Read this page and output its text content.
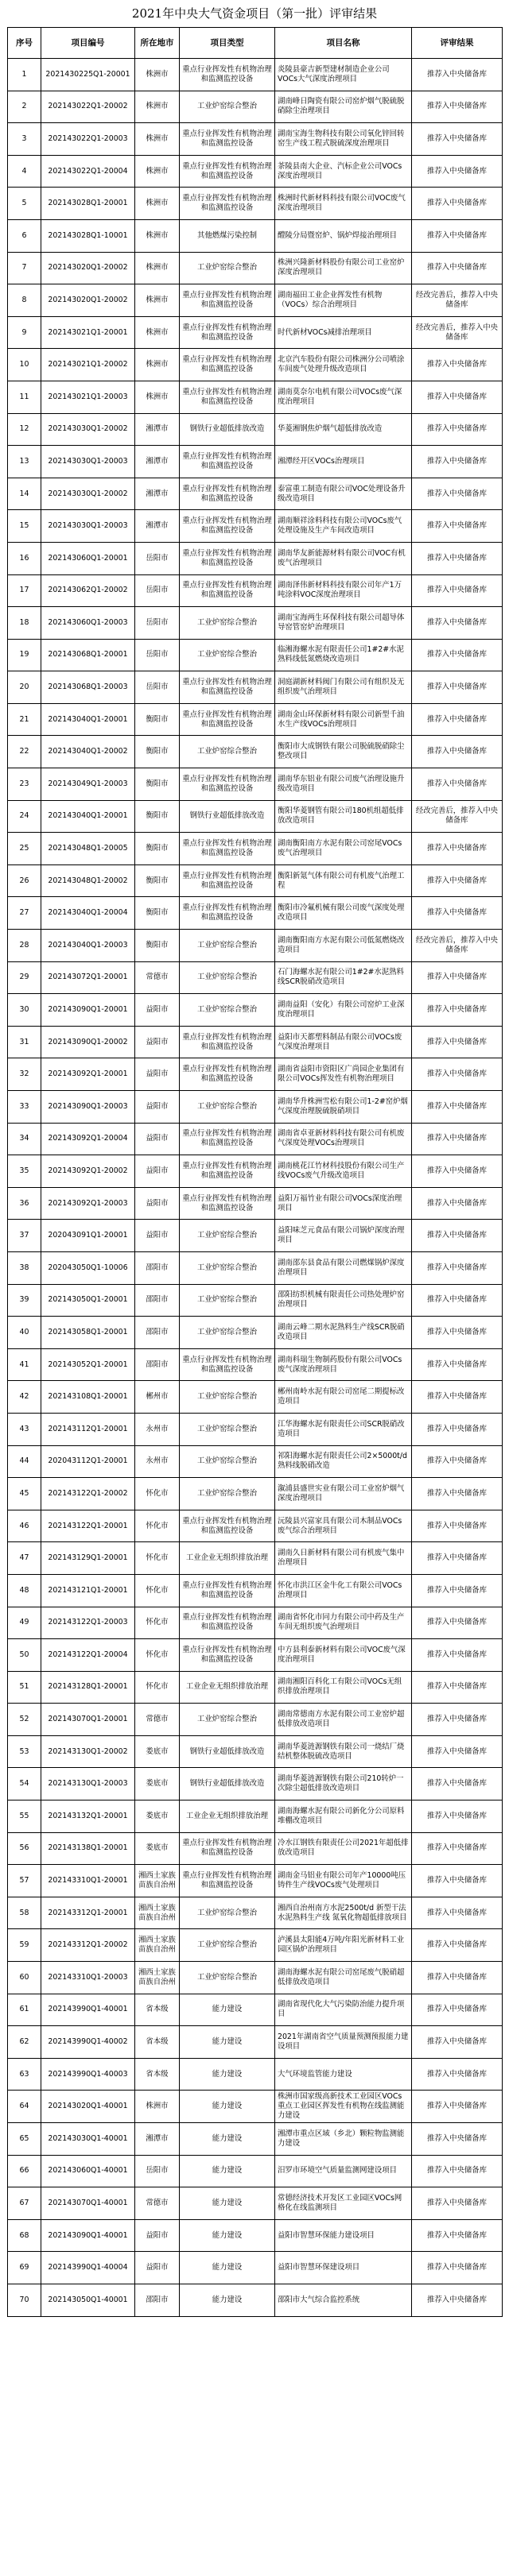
2021年中央大气资金项目（第一批）评审结果
序号	项目编号	所在地市	项目类型	项目名称	评审结果
1	2021430225Q1-20001	株洲市	重点行业挥发性有机物治理和监测监控设备	炎陵县豪吉新型建材制造企业公司VOCs大气深度治理项目	推荐入中央储备库
2	202143022Q1-20002	株洲市	工业炉窑综合整治	湖南峰日陶瓷有限公司窑炉烟气脱硫脱硝除尘治理项目	推荐入中央储备库
3	202143022Q1-20003	株洲市	重点行业挥发性有机物治理和监测监控设备	湖南宝海生物科技有限公司氧化锌回转窑生产线工程式脱硫深度治理项目	推荐入中央储备库
4	202143022Q1-20004	株洲市	重点行业挥发性有机物治理和监测监控设备	茶陵县南大企业、汽标企业公司VOCs深度治理项目	推荐入中央储备库
5	202143028Q1-20001	株洲市	重点行业挥发性有机物治理和监测监控设备	株洲时代新材料科技有限公司VOC废气深度治理项目	推荐入中央储备库
6	202143028Q1-10001	株洲市	其他燃煤污染控制	醴陵分局暨窑炉、锅炉焊接治理项目	推荐入中央储备库
7	202143020Q1-20002	株洲市	工业炉窑综合整治	株洲兴隆新材料股份有限公司工业窑炉深度治理项目	推荐入中央储备库
8	202143020Q1-20002	株洲市	重点行业挥发性有机物治理和监测监控设备	湖南福田工业企业挥发性有机物（VOCs）综合治理项目	经改完善后，推荐入中央储备库
9	202143021Q1-20001	株洲市	重点行业挥发性有机物治理和监测监控设备	时代新材VOCs减排治理项目	经改完善后，推荐入中央储备库
10	202143021Q1-20002	株洲市	重点行业挥发性有机物治理和监测监控设备	北京汽车股份有限公司株洲分公司喷涂车间废气处理升级改造项目	推荐入中央储备库
11	202143021Q1-20003	株洲市	重点行业挥发性有机物治理和监测监控设备	湖南莫奈尔电机有限公司VOCs废气深度治理项目	推荐入中央储备库
12	202143030Q1-20002	湘潭市	钢铁行业超低排放改造	华菱湘钢焦炉烟气超低排放改造	推荐入中央储备库
13	202143030Q1-20003	湘潭市	重点行业挥发性有机物治理和监测监控设备	湘潭经开区VOCs治理项目	推荐入中央储备库
14	202143030Q1-20002	湘潭市	重点行业挥发性有机物治理和监测监控设备	泰富重工制造有限公司VOC处理设备升级改造项目	推荐入中央储备库
15	202143030Q1-20003	湘潭市	重点行业挥发性有机物治理和监测监控设备	湖南顺祥涂料科技有限公司VOCs废气处理设施及生产车间改造项目	推荐入中央储备库
16	202143060Q1-20001	岳阳市	重点行业挥发性有机物治理和监测监控设备	湖南华友新能源材料有限公司VOC有机废气治理项目	推荐入中央储备库
17	202143062Q1-20002	岳阳市	重点行业挥发性有机物治理和监测监控设备	湖南泽伟新材料科技有限公司年产1万吨涂料VOC深度治理项目	推荐入中央储备库
18	202143060Q1-20003	岳阳市	工业炉窑综合整治	湖南宝海两生环保科技有限公司超导体导窑管窑炉治理项目	推荐入中央储备库
19	202143068Q1-20001	岳阳市	工业炉窑综合整治	临湘海螺水泥有限责任公司1#2#水泥熟料线低氮燃烧改造项目	推荐入中央储备库
20	202143068Q1-20003	岳阳市	重点行业挥发性有机物治理和监测监控设备	洞庭湖新材料阀门有限公司有组织及无组织废气治理项目	推荐入中央储备库
21	202143040Q1-20001	衡阳市	重点行业挥发性有机物治理和监测监控设备	湖南金山环保新材料有限公司新型千油水生产线VOCs治理项目	推荐入中央储备库
22	202143040Q1-20002	衡阳市	工业炉窑综合整治	衡阳市大成钢铁有限公司脱硫脱硝除尘整改项目	推荐入中央储备库
23	202143049Q1-20003	衡阳市	重点行业挥发性有机物治理和监测监控设备	湖南华东铝业有限公司废气治理设施升级改造项目	推荐入中央储备库
24	202143040Q1-20001	衡阳市	钢铁行业超低排放改造	衡阳华菱钢管有限公司180机组超低排放改造项目	经改完善后，推荐入中央储备库
25	202143048Q1-20005	衡阳市	重点行业挥发性有机物治理和监测监控设备	湖南衡阳南方水泥有限公司窑尾VOCs废气治理项目	推荐入中央储备库
26	202143048Q1-20002	衡阳市	重点行业挥发性有机物治理和监测监控设备	衡阳新氪气体有限公司有机废气治理工程	推荐入中央储备库
27	202143040Q1-20004	衡阳市	重点行业挥发性有机物治理和监测监控设备	衡阳市冷氟机械有限公司废气深度处理改造项目	推荐入中央储备库
28	202143040Q1-20003	衡阳市	工业炉窑综合整治	湖南衡阳南方水泥有限公司低氮燃烧改造项目	经改完善后，推荐入中央储备库
29	202143072Q1-20001	常德市	工业炉窑综合整治	石门海螺水泥有限公司1#2#水泥熟料线SCR脱硝改造项目	推荐入中央储备库
30	202143090Q1-20001	益阳市	工业炉窑综合整治	湖南益阳（安化）有限公司窑炉工业深度治理项目	推荐入中央储备库
31	202143090Q1-20002	益阳市	重点行业挥发性有机物治理和监测监控设备	益阳市天都塑料制品有限公司VOCs废气深度治理项目	推荐入中央储备库
32	202143092Q1-20001	益阳市	重点行业挥发性有机物治理和监测监控设备	湖南省益阳市资阳区广尚园企业集团有限公司VOCs挥发性有机物治理项目	推荐入中央储备库
33	202143090Q1-20003	益阳市	工业炉窑综合整治	湖南华升株洲雪松有限公司1-2#窑炉烟气深度治理脱硫脱硝项目	推荐入中央储备库
34	202143092Q1-20004	益阳市	重点行业挥发性有机物治理和监测监控设备	湖南省卓亚新材料科技有限公司有机废气深度处理VOCs治理项目	推荐入中央储备库
35	202143092Q1-20002	益阳市	重点行业挥发性有机物治理和监测监控设备	湖南桃花江竹材科技股份有限公司生产线VOCs废气升级改造项目	推荐入中央储备库
36	202143092Q1-20003	益阳市	重点行业挥发性有机物治理和监测监控设备	益阳万福竹业有限公司VOCs深度治理项目	推荐入中央储备库
37	202043091Q1-20001	益阳市	工业炉窑综合整治	益阳味芝元食品有限公司锅炉深度治理项目	推荐入中央储备库
38	202043050Q1-10006	邵阳市	工业炉窑综合整治	湖南邵东县食品有限公司燃煤锅炉深度治理项目	推荐入中央储备库
39	202143050Q1-20001	邵阳市	工业炉窑综合整治	邵阳纺织机械有限责任公司热处理炉窑治理项目	推荐入中央储备库
40	202143058Q1-20001	邵阳市	工业炉窑综合整治	湖南云峰二期水泥熟料生产线SCR脱硝改造项目	推荐入中央储备库
41	202143052Q1-20001	邵阳市	重点行业挥发性有机物治理和监测监控设备	湖南科瑞生物制药股份有限公司VOCs废气深度治理项目	推荐入中央储备库
42	202143108Q1-20001	郴州市	工业炉窑综合整治	郴州南岭水泥有限公司窑尾二期提标改造项目	推荐入中央储备库
43	202143112Q1-20001	永州市	工业炉窑综合整治	江华海螺水泥有限责任公司SCR脱硝改造项目	推荐入中央储备库
44	202043112Q1-20001	永州市	工业炉窑综合整治	祁阳海螺水泥有限责任公司2×5000t/d熟料线脱硝改造	推荐入中央储备库
45	202143122Q1-20002	怀化市	工业炉窑综合整治	溆浦县盛世实业有限公司工业窑炉烟气深度治理项目	推荐入中央储备库
46	202143122Q1-20001	怀化市	重点行业挥发性有机物治理和监测监控设备	沅陵县兴富家具有限公司木制品VOCs废气综合治理项目	推荐入中央储备库
47	202143129Q1-20001	怀化市	工业企业无组织排放治理	湖南久日新材料有限公司有机废气集中治理项目	推荐入中央储备库
48	202143121Q1-20001	怀化市	重点行业挥发性有机物治理和监测监控设备	怀化市洪江区金牛化工有限公司VOCs治理项目	推荐入中央储备库
49	202143122Q1-20003	怀化市	重点行业挥发性有机物治理和监测监控设备	湖南省怀化市同力有限公司中药及生产车间无组织废气治理项目	推荐入中央储备库
50	202143122Q1-20004	怀化市	重点行业挥发性有机物治理和监测监控设备	中方县利泰新材料有限公司VOC废气深度治理项目	推荐入中央储备库
51	202143128Q1-20001	怀化市	工业企业无组织排放治理	湖南湘阳百科化工有限公司VOCs无组织排放治理项目	推荐入中央储备库
52	202143070Q1-20001	常德市	工业炉窑综合整治	湖南常德南方水泥有限公司工业窑炉超低排放改造项目	推荐入中央储备库
53	202143130Q1-20002	娄底市	钢铁行业超低排放改造	湖南华菱涟源钢铁有限公司一烧结厂烧结机整体脱硫改造项目	推荐入中央储备库
54	202143130Q1-20003	娄底市	钢铁行业超低排放改造	湖南华菱涟源钢铁有限公司210转炉一次除尘超低排放改造项目	推荐入中央储备库
55	202143132Q1-20001	娄底市	工业企业无组织排放治理	湖南海螺水泥有限公司新化分公司原料堆棚改造项目	推荐入中央储备库
56	202143138Q1-20001	娄底市	重点行业挥发性有机物治理和监测监控设备	冷水江钢铁有限责任公司2021年超低排放改造项目	推荐入中央储备库
57	202143310Q1-20001	湘西土家族苗族自治州	重点行业挥发性有机物治理和监测监控设备	湖南金马铝业有限公司年产10000吨压铸件生产线VOCs废气处理项目	推荐入中央储备库
58	202143312Q1-20001	湘西土家族苗族自治州	工业炉窑综合整治	湘西自治州南方水泥2500t/d 新型干法水泥熟料生产线 氮氧化物超低排放项目	推荐入中央储备库
59	202143312Q1-20002	湘西土家族苗族自治州	工业炉窑综合整治	泸溪县太阳能4万吨/年阳光新材料工业园区锅炉治理项目	推荐入中央储备库
60	202143310Q1-20003	湘西土家族苗族自治州	工业炉窑综合整治	湖南海螺水泥有限公司窑尾废气脱硝超低排放改造项目	推荐入中央储备库
61	202143990Q1-40001	省本级	能力建设	湖南省现代化大气污染防治能力提升项目	推荐入中央储备库
62	202143990Q1-40002	省本级	能力建设	2021年湖南省空气质量预测预报能力建设项目	推荐入中央储备库
63	202143990Q1-40003	省本级	能力建设	大气环境监管能力建设	推荐入中央储备库
64	202143020Q1-40001	株洲市	能力建设	株洲市国家级高新技术工业园区VOCs重点工业园区挥发性有机物在线监测能力建设	推荐入中央储备库
65	202143030Q1-40001	湘潭市	能力建设	湘潭市重点区域（乡北）颗粒物监测能力建设	推荐入中央储备库
66	202143060Q1-40001	岳阳市	能力建设	汨罗市环境空气质量监测网建设项目	推荐入中央储备库
67	202143070Q1-40001	常德市	能力建设	常德经济技术开发区工业园区VOCs网格化在线监测项目	推荐入中央储备库
68	202143090Q1-40001	益阳市	能力建设	益阳市智慧环保能力建设项目	推荐入中央储备库
69	202143990Q1-40004	益阳市	能力建设	益阳市智慧环保建设项目	推荐入中央储备库
70	202143050Q1-40001	邵阳市	能力建设	邵阳市大气综合监控系统	推荐入中央储备库
